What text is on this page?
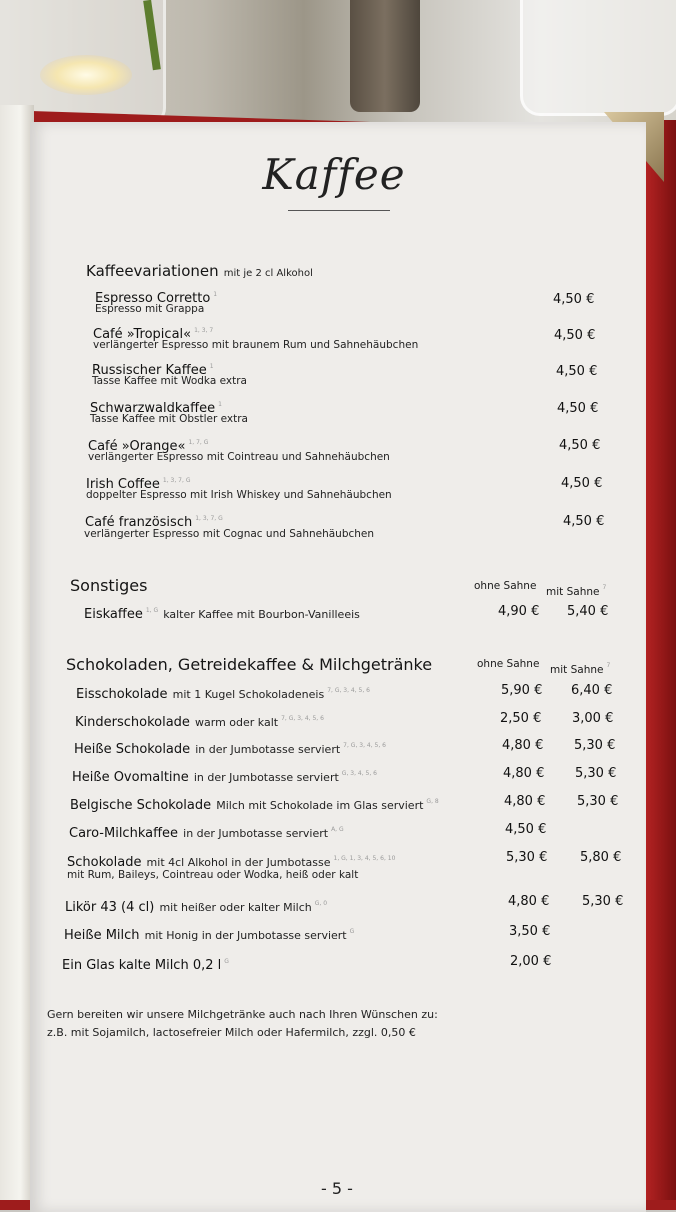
Kaffee
Kaffeevariationen mit je 2 cl Alkohol
Espresso Corretto $^1$
Espresso mit Grappa
4,50 €
Café »Tropical« $^{1, 3, 7}$
verlängerter Espresso mit braunem Rum und Sahnehäubchen
4,50 €
Russischer Kaffee $^1$
Tasse Kaffee mit Wodka extra
4,50 €
Schwarzwaldkaffee $^1$
Tasse Kaffee mit Obstler extra
4,50 €
Café »Orange« $^{1, 7, G}$
verlängerter Espresso mit Cointreau und Sahnehäubchen
4,50 €
Irish Coffee $^{1, 3, 7, G}$
doppelter Espresso mit Irish Whiskey und Sahnehäubchen
4,50 €
Café französisch $^{1, 3, 7, G}$
verlängerter Espresso mit Cognac und Sahnehäubchen
4,50 €
Sonstiges	ohne Sahne mit Sahne $^7$
Eiskaffee $^{1, G}$ kalter Kaffee mit Bourbon-Vanilleeis	4,90 € 5,40 €
Schokoladen, Getreidekaffee & Milchgetränke	ohne Sahne mit Sahne $^7$
Eisschokolade mit 1 Kugel Schokoladeneis $^{7, G, 3, 4, 5, 6}$	5,90 € 6,40 €
Kinderschokolade warm oder kalt $^{7, G, 3, 4, 5, 6}$	2,50 € 3,00 €
Heiße Schokolade in der Jumbotasse serviert $^{7, G, 3, 4, 5, 6}$	4,80 € 5,30 €
Heiße Ovomaltine in der Jumbotasse serviert $^{G, 3, 4, 5, 6}$	4,80 € 5,30 €
Belgische Schokolade Milch mit Schokolade im Glas serviert $^{G, 8}$	4,80 € 5,30 €
Caro-Milchkaffee in der Jumbotasse serviert $^{A, G}$	4,50 €
Schokolade mit 4cl Alkohol in der Jumbotasse $^{1, G, 1, 3, 4, 5, 6, 10}$
mit Rum, Baileys, Cointreau oder Wodka, heiß oder kalt
5,30 €	5,80 €
Likör 43 (4 cl) mit heißer oder kalter Milch $^{G, 0}$	4,80 €	5,30 €
Heiße Milch mit Honig in der Jumbotasse serviert $^G$	3,50 €
Ein Glas kalte Milch 0,2 l $^G$	2,00 €
Gern bereiten wir unsere Milchgetränke auch nach Ihren Wünschen zu:
z.B. mit Sojamilch, lactosefreier Milch oder Hafermilch, zzgl. 0,50 €
- 5 -
